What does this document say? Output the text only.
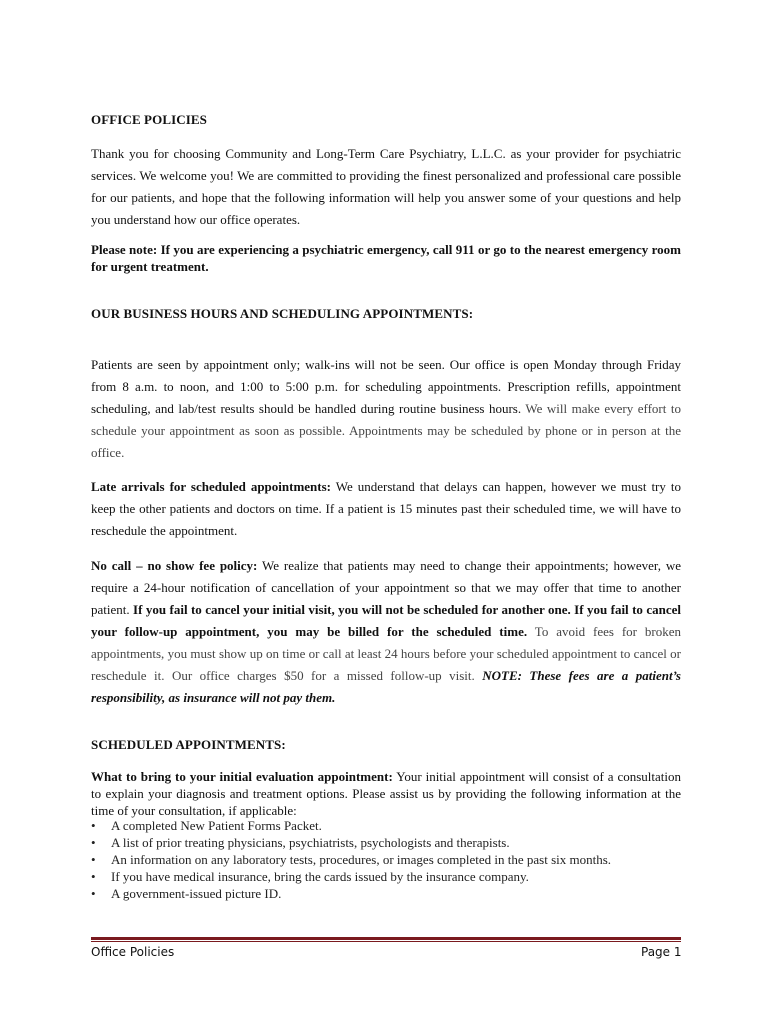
OFFICE POLICIES

Thank you for choosing Community and Long-Term Care Psychiatry, L.L.C. as your provider for psychiatric services. We welcome you! We are committed to providing the finest personalized and professional care possible for our patients, and hope that the following information will help you answer some of your questions and help you understand how our office operates.

Please note: If you are experiencing a psychiatric emergency, call 911 or go to the nearest emergency room for urgent treatment.

OUR BUSINESS HOURS AND SCHEDULING APPOINTMENTS:

Patients are seen by appointment only; walk-ins will not be seen. Our office is open Monday through Friday from 8 a.m. to noon, and 1:00 to 5:00 p.m. for scheduling appointments. Prescription refills, appointment scheduling, and lab/test results should be handled during routine business hours. We will make every effort to schedule your appointment as soon as possible. Appointments may be scheduled by phone or in person at the office.

Late arrivals for scheduled appointments: We understand that delays can happen, however we must try to keep the other patients and doctors on time. If a patient is 15 minutes past their scheduled time, we will have to reschedule the appointment.

No call – no show fee policy: We realize that patients may need to change their appointments; however, we require a 24-hour notification of cancellation of your appointment so that we may offer that time to another patient. If you fail to cancel your initial visit, you will not be scheduled for another one. If you fail to cancel your follow-up appointment, you may be billed for the scheduled time. To avoid fees for broken appointments, you must show up on time or call at least 24 hours before your scheduled appointment to cancel or reschedule it. Our office charges $50 for a missed follow-up visit. NOTE: These fees are a patient’s responsibility, as insurance will not pay them.

SCHEDULED APPOINTMENTS:

What to bring to your initial evaluation appointment: Your initial appointment will consist of a consultation to explain your diagnosis and treatment options. Please assist us by providing the following information at the time of your consultation, if applicable:

• A completed New Patient Forms Packet.
• A list of prior treating physicians, psychiatrists, psychologists and therapists.
• An information on any laboratory tests, procedures, or images completed in the past six months.
• If you have medical insurance, bring the cards issued by the insurance company.
• A government-issued picture ID.
Office Policies	Page 1
